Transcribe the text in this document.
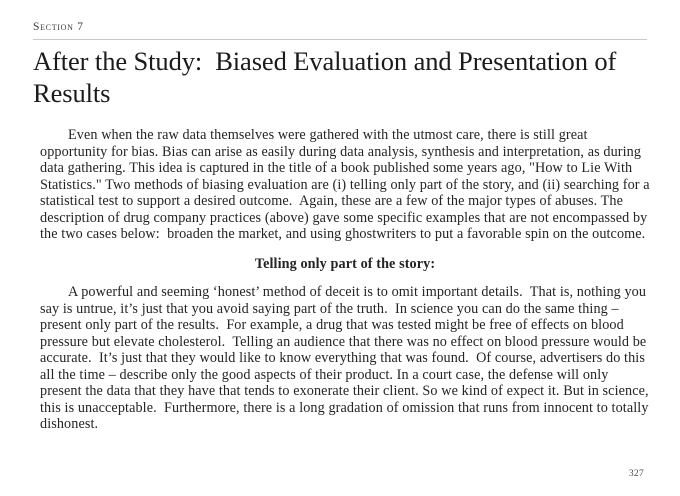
Section 7
After the Study:  Biased Evaluation and Presentation of Results

Even when the raw data themselves were gathered with the utmost care, there is still great opportunity for bias. Bias can arise as easily during data analysis, synthesis and interpretation, as during data gathering. This idea is captured in the title of a book published some years ago, "How to Lie With Statistics." Two methods of biasing evaluation are (i) telling only part of the story, and (ii) searching for a statistical test to support a desired outcome.  Again, these are a few of the major types of abuses. The description of drug company practices (above) gave some specific examples that are not encompassed by the two cases below:  broaden the market, and using ghostwriters to put a favorable spin on the outcome.

Telling only part of the story:

A powerful and seeming ‘honest’ method of deceit is to omit important details.  That is, nothing you say is untrue, it’s just that you avoid saying part of the truth.  In science you can do the same thing – present only part of the results.  For example, a drug that was tested might be free of effects on blood pressure but elevate cholesterol.  Telling an audience that there was no effect on blood pressure would be accurate.  It’s just that they would like to know everything that was found.  Of course, advertisers do this all the time – describe only the good aspects of their product. In a court case, the defense will only present the data that they have that tends to exonerate their client. So we kind of expect it. But in science, this is unacceptable.  Furthermore, there is a long gradation of omission that runs from innocent to totally dishonest.

327
